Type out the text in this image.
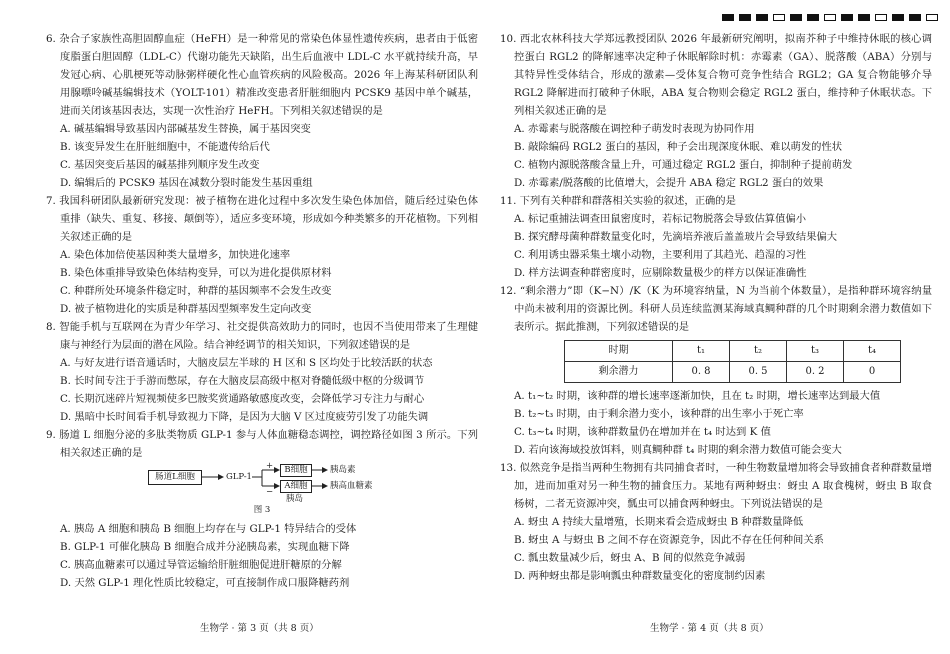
6. 杂合子家族性高胆固醇血症（HeFH）是一种常见的常染色体显性遗传疾病，患者由于低密度脂蛋白胆固醇（LDL-C）代谢功能先天缺陷，出生后血液中 LDL-C 水平就持续升高，早发冠心病、心肌梗死等动脉粥样硬化性心血管疾病的风险极高。2026 年上海某科研团队利用腺嘌呤碱基编辑技术（YOLT-101）精准改变患者肝脏细胞内 PCSK9 基因中单个碱基，进而关闭该基因表达，实现一次性治疗 HeFH。下列相关叙述错误的是
A. 碱基编辑导致基因内部碱基发生替换，属于基因突变
B. 该变异发生在肝脏细胞中，不能遗传给后代
C. 基因突变后基因的碱基排列顺序发生改变
D. 编辑后的 PCSK9 基因在减数分裂时能发生基因重组
7. 我国科研团队最新研究发现：被子植物在进化过程中多次发生染色体加倍，随后经过染色体重排（缺失、重复、移接、颠倒等），适应多变环境，形成如今种类繁多的开花植物。下列相关叙述正确的是
A. 染色体加倍使基因种类大量增多，加快进化速率
B. 染色体重排导致染色体结构变异，可以为进化提供原材料
C. 种群所处环境条件稳定时，种群的基因频率不会发生改变
D. 被子植物进化的实质是种群基因型频率发生定向改变
8. 智能手机与互联网在为青少年学习、社交提供高效助力的同时，也因不当使用带来了生理健康与神经行为层面的潜在风险。结合神经调节的相关知识，下列叙述错误的是
A. 与好友进行语音通话时，大脑皮层左半球的 H 区和 S 区均处于比较活跃的状态
B. 长时间专注于手游而憋尿，存在大脑皮层高级中枢对脊髓低级中枢的分级调节
C. 长期沉迷碎片短视频使多巴胺奖赏通路敏感度改变，会降低学习专注力与耐心
D. 黑暗中长时间看手机导致视力下降，是因为大脑 V 区过度疲劳引发了功能失调
9. 肠道 L 细胞分泌的多肽类物质 GLP-1 参与人体血糖稳态调控，调控路径如图 3 所示。下列相关叙述正确的是
肠道L细胞	GLP-1
+
−
B细胞
A细胞
胰岛素
胰高血糖素
胰岛
图 3
A. 胰岛 A 细胞和胰岛 B 细胞上均存在与 GLP-1 特异结合的受体
B. GLP-1 可催化胰岛 B 细胞合成并分泌胰岛素，实现血糖下降
C. 胰高血糖素可以通过导管运输给肝脏细胞促进肝糖原的分解
D. 天然 GLP-1 理化性质比较稳定，可直接制作成口服降糖药剂
10. 西北农林科技大学郑远教授团队 2026 年最新研究阐明，拟南芥种子中维持休眠的核心调控蛋白 RGL2 的降解速率决定种子休眠解除时机：赤霉素（GA）、脱落酸（ABA）分别与其特异性受体结合，形成的激素—受体复合物可竞争性结合 RGL2；GA 复合物能够介导 RGL2 降解进而打破种子休眠，ABA 复合物则会稳定 RGL2 蛋白，维持种子休眠状态。下列相关叙述正确的是
A. 赤霉素与脱落酸在调控种子萌发时表现为协同作用
B. 敲除编码 RGL2 蛋白的基因，种子会出现深度休眠、难以萌发的性状
C. 植物内源脱落酸含量上升，可通过稳定 RGL2 蛋白，抑制种子提前萌发
D. 赤霉素/脱落酸的比值增大，会提升 ABA 稳定 RGL2 蛋白的效果
11. 下列有关种群和群落相关实验的叙述，正确的是
A. 标记重捕法调查田鼠密度时，若标记物脱落会导致估算值偏小
B. 探究酵母菌种群数量变化时，先滴培养液后盖盖玻片会导致结果偏大
C. 利用诱虫器采集土壤小动物，主要利用了其趋光、趋湿的习性
D. 样方法调查种群密度时，应剔除数量极少的样方以保证准确性
12. “剩余潜力”即（K−N）/K（K 为环境容纳量，N 为当前个体数量），是指种群环境容纳量中尚未被利用的资源比例。科研人员连续监测某海域真鲷种群的几个时期剩余潜力数值如下表所示。据此推测，下列叙述错误的是
时期	t₁	t₂	t₃	t₄
剩余潜力	0. 8	0. 5	0. 2	0
A. t₁~t₂ 时期，该种群的增长速率逐渐加快，且在 t₂ 时期，增长速率达到最大值
B. t₂~t₃ 时期，由于剩余潜力变小，该种群的出生率小于死亡率
C. t₃~t₄ 时期，该种群数量仍在增加并在 t₄ 时达到 K 值
D. 若向该海域投放饵料，则真鲷种群 t₄ 时期的剩余潜力数值可能会变大
13. 似然竞争是指当两种生物拥有共同捕食者时，一种生物数量增加将会导致捕食者种群数量增加，进而加重对另一种生物的捕食压力。某地有两种蚜虫：蚜虫 A 取食槐树，蚜虫 B 取食杨树，二者无资源冲突，瓢虫可以捕食两种蚜虫。下列说法错误的是
A. 蚜虫 A 持续大量增殖，长期来看会造成蚜虫 B 种群数量降低
B. 蚜虫 A 与蚜虫 B 之间不存在资源竞争，因此不存在任何种间关系
C. 瓢虫数量减少后，蚜虫 A、B 间的似然竞争减弱
D. 两种蚜虫都是影响瓢虫种群数量变化的密度制约因素
生物学 · 第 3 页（共 8 页）	生物学 · 第 4 页（共 8 页）
